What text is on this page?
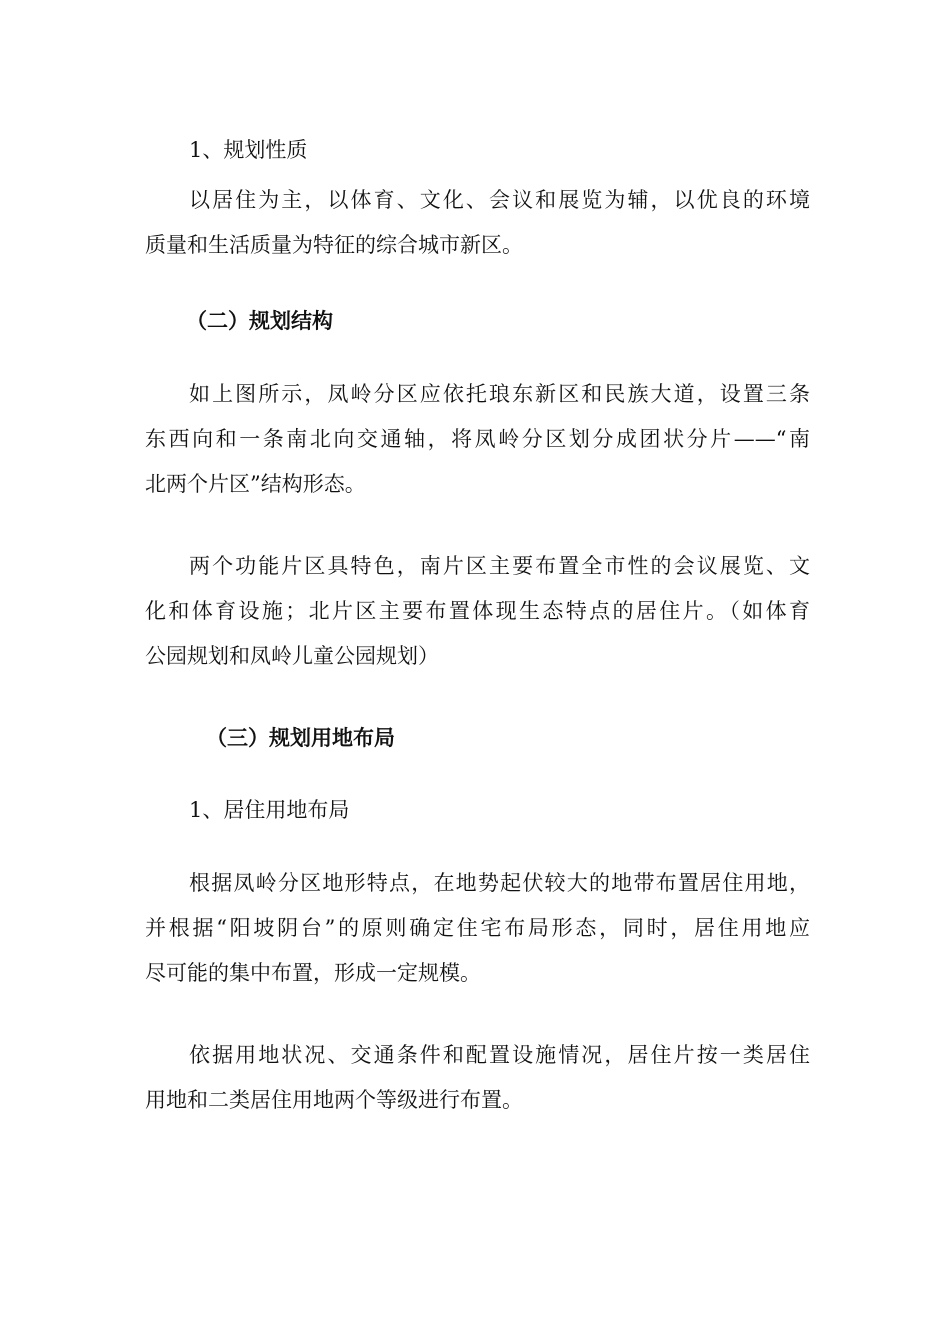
1、规划性质
以居住为主，以体育、文化、会议和展览为辅，以优良的环境
质量和生活质量为特征的综合城市新区。
（二）规划结构
如上图所示，凤岭分区应依托琅东新区和民族大道，设置三条
东西向和一条南北向交通轴，将凤岭分区划分成团状分片——“南
北两个片区”结构形态。
两个功能片区具特色，南片区主要布置全市性的会议展览、文
化和体育设施；北片区主要布置体现生态特点的居住片。（如体育
公园规划和凤岭儿童公园规划）
（三）规划用地布局
1、居住用地布局
根据凤岭分区地形特点，在地势起伏较大的地带布置居住用地，
并根据“阳坡阴台”的原则确定住宅布局形态，同时，居住用地应
尽可能的集中布置，形成一定规模。
依据用地状况、交通条件和配置设施情况，居住片按一类居住
用地和二类居住用地两个等级进行布置。
